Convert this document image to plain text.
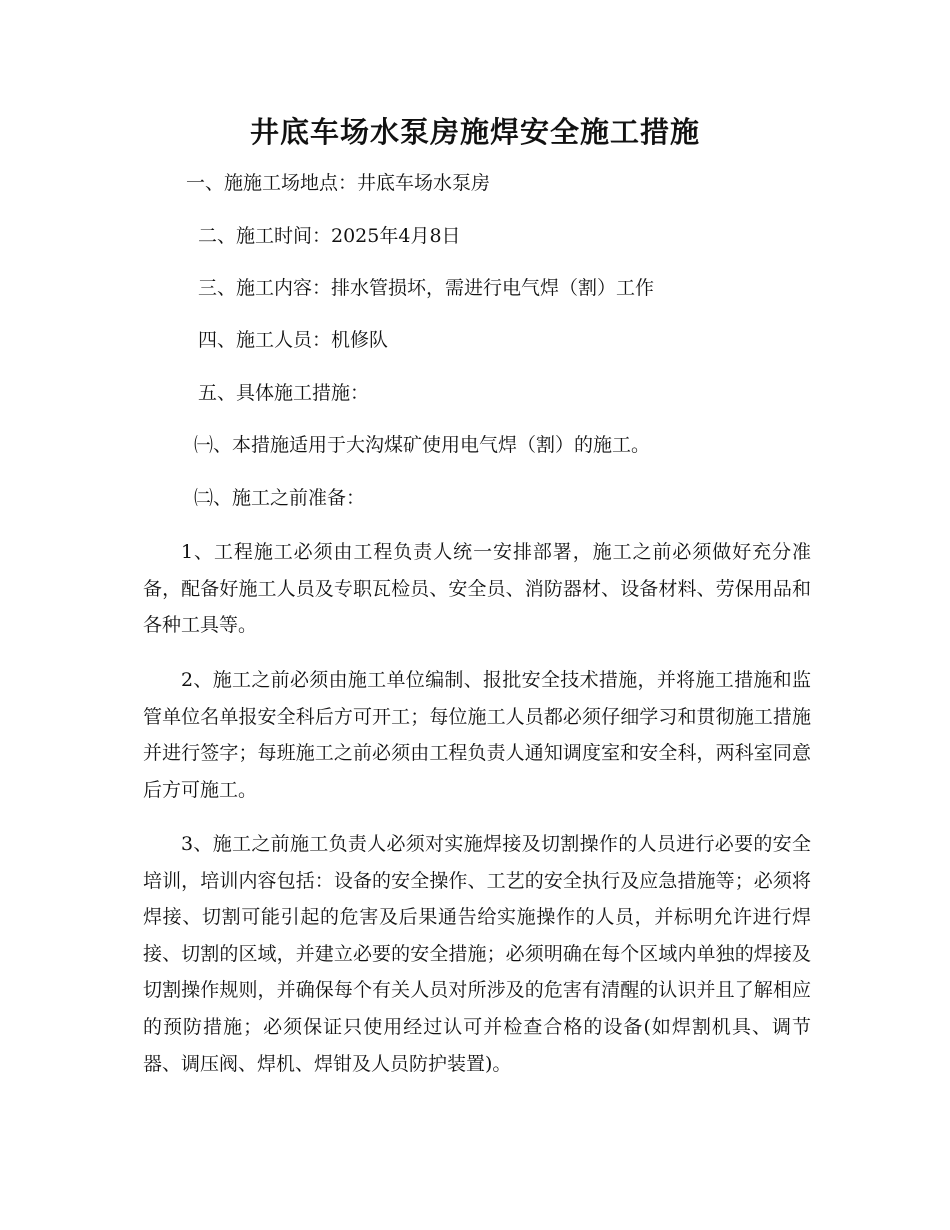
井底车场水泵房施焊安全施工措施

一、施施工场地点：井底车场水泵房

二、施工时间：2025年4月8日

三、施工内容：排水管损坏，需进行电气焊（割）工作

四、施工人员：机修队

五、具体施工措施：

㈠、本措施适用于大沟煤矿使用电气焊（割）的施工。

㈡、施工之前准备：

1、工程施工必须由工程负责人统一安排部署，施工之前必须做好充分准备，配备好施工人员及专职瓦检员、安全员、消防器材、设备材料、劳保用品和各种工具等。

2、施工之前必须由施工单位编制、报批安全技术措施，并将施工措施和监管单位名单报安全科后方可开工；每位施工人员都必须仔细学习和贯彻施工措施并进行签字；每班施工之前必须由工程负责人通知调度室和安全科，两科室同意后方可施工。

3、施工之前施工负责人必须对实施焊接及切割操作的人员进行必要的安全培训，培训内容包括：设备的安全操作、工艺的安全执行及应急措施等；必须将焊接、切割可能引起的危害及后果通告给实施操作的人员，并标明允许进行焊接、切割的区域，并建立必要的安全措施；必须明确在每个区域内单独的焊接及切割操作规则，并确保每个有关人员对所涉及的危害有清醒的认识并且了解相应的预防措施；必须保证只使用经过认可并检查合格的设备(如焊割机具、调节器、调压阀、焊机、焊钳及人员防护装置)。
